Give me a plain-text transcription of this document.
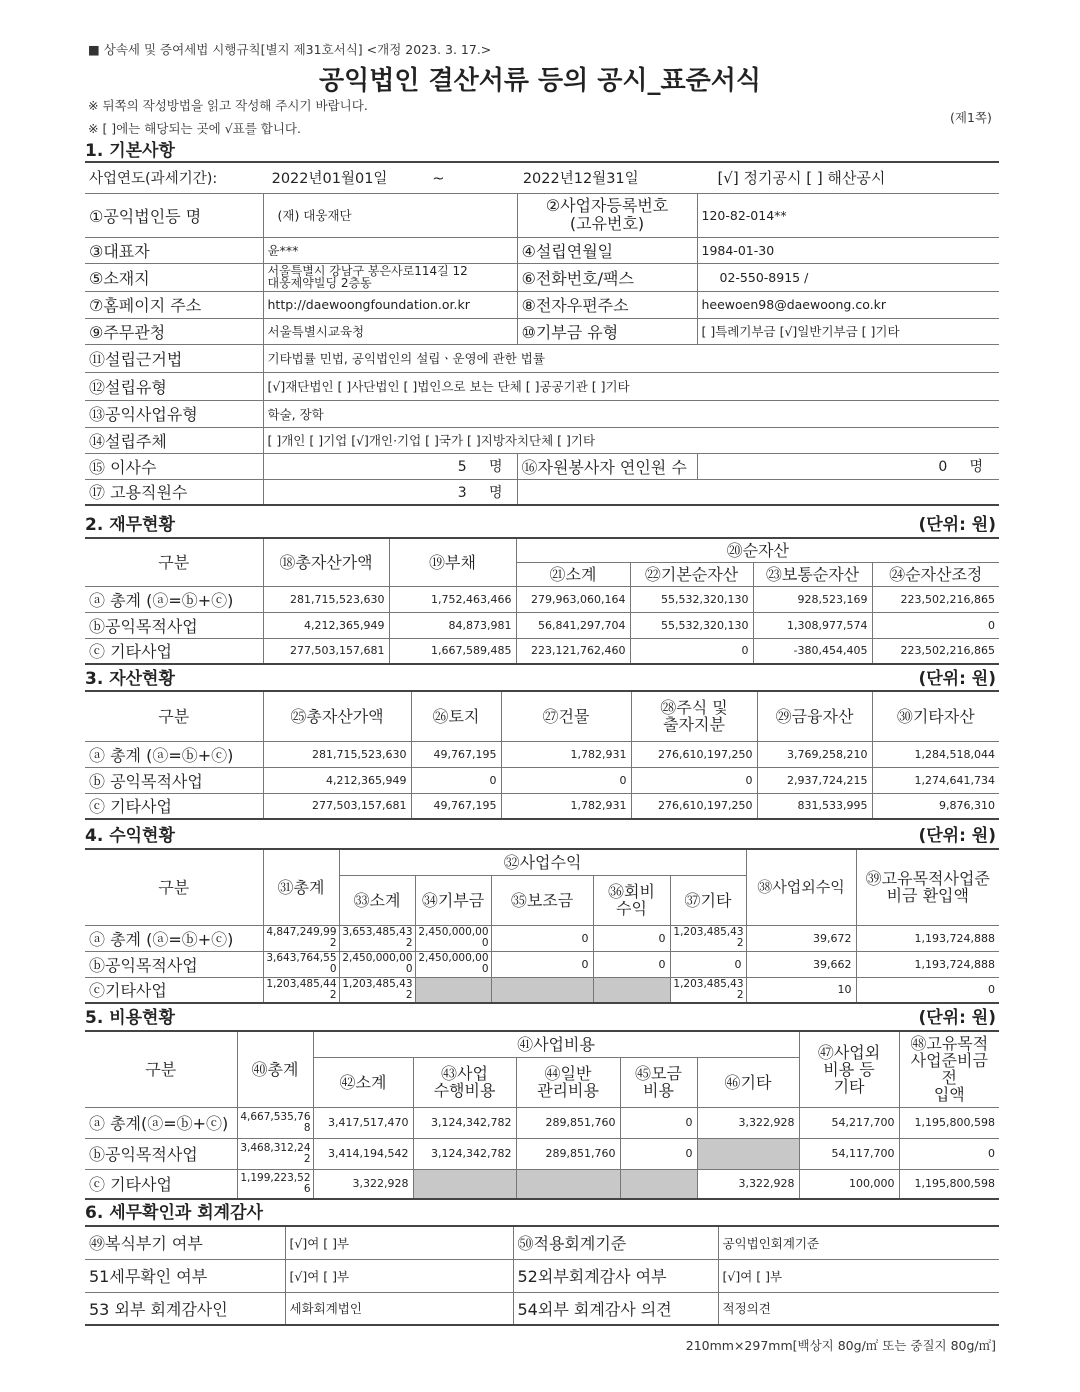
■ 상속세 및 증여세법 시행규칙[별지 제31호서식] <개정 2023. 3. 17.>
공익법인 결산서류 등의 공시_표준서식
※ 뒤쪽의 작성방법을 읽고 작성해 주시기 바랍니다.
※ [ ]에는 해당되는 곳에 √표를 합니다.
(제1쪽)
1. 기본사항
사업연도(과세기간): 2022년01월01일 ~ 2022년12월31일 [√] 정기공시 [ ] 해산공시			
①공익법인등 명	(재) 대웅재단	②사업자등록번호
(고유번호)	120-82-014**
③대표자	윤***	④설립연월일	1984-01-30
⑤소재지	서울특별시 강남구 봉은사로114길 12
대웅제약빌딩 2층동	⑥전화번호/팩스	02-550-8915 /
⑦홈페이지 주소	http://daewoongfoundation.or.kr	⑧전자우편주소	heewoen98@daewoong.co.kr
⑨주무관청	서울특별시교육청	⑩기부금 유형	[ ]특례기부금 [√]일반기부금 [ ]기타
⑪설립근거법	기타법률 민법, 공익법인의 설립ㆍ운영에 관한 법률		
⑫설립유형	[√]재단법인 [ ]사단법인 [ ]법인으로 보는 단체 [ ]공공기관 [ ]기타		
⑬공익사업유형	학술, 장학		
⑭설립주체	[ ]개인 [ ]기업 [√]개인·기업 [ ]국가 [ ]지방자치단체 [ ]기타		
⑮ 이사수	5 명	⑯자원봉사자 연인원 수	0 명
⑰ 고용직원수	3 명		
2. 재무현황	(단위: 원)
구분	⑱총자산가액	⑲부채	⑳순자산			
			㉑소계	㉒기본순자산	㉓보통순자산	㉔순자산조정
ⓐ 총계 (ⓐ=ⓑ+ⓒ)	281,715,523,630	1,752,463,466	279,963,060,164	55,532,320,130	928,523,169	223,502,216,865
ⓑ공익목적사업	4,212,365,949	84,873,981	56,841,297,704	55,532,320,130	1,308,977,574	0
ⓒ 기타사업	277,503,157,681	1,667,589,485	223,121,762,460	0	-380,454,405	223,502,216,865
3. 자산현황	(단위: 원)
구분	㉕총자산가액	㉖토지	㉗건물	㉘주식 및
출자지분	㉙금융자산	㉚기타자산
ⓐ 총계 (ⓐ=ⓑ+ⓒ)	281,715,523,630	49,767,195	1,782,931	276,610,197,250	3,769,258,210	1,284,518,044
ⓑ 공익목적사업	4,212,365,949	0	0	0	2,937,724,215	1,274,641,734
ⓒ 기타사업	277,503,157,681	49,767,195	1,782,931	276,610,197,250	831,533,995	9,876,310
4. 수익현황	(단위: 원)
구분	㉛총계	㉜사업수익					㊳사업외수익	㊴고유목적사업준
비금 환입액
		㉝소계	㉞기부금	㉟보조금	㊱회비
수익	㊲기타		
ⓐ 총계 (ⓐ=ⓑ+ⓒ)	4,847,249,992	3,653,485,432	2,450,000,000	0	0	1,203,485,432	39,672	1,193,724,888
ⓑ공익목적사업	3,643,764,550	2,450,000,000	2,450,000,000	0	0	0	39,662	1,193,724,888
ⓒ기타사업	1,203,485,442	1,203,485,432				1,203,485,432	10	0
5. 비용현황	(단위: 원)
구분	㊵총계	㊶사업비용					㊼사업외
비용 등
기타	㊽고유목적
사업준비금전
입액
		㊷소계	㊸사업
수행비용	㊹일반
관리비용	㊺모금
비용	㊻기타		
ⓐ 총계(ⓐ=ⓑ+ⓒ)	4,667,535,768	3,417,517,470	3,124,342,782	289,851,760	0	3,322,928	54,217,700	1,195,800,598
ⓑ공익목적사업	3,468,312,242	3,414,194,542	3,124,342,782	289,851,760	0		54,117,700	0
ⓒ 기타사업	1,199,223,526	3,322,928				3,322,928	100,000	1,195,800,598
6. 세무확인과 회계감사
㊾복식부기 여부	[√]여 [ ]부	㊿적용회계기준	공익법인회계기준
51세무확인 여부	[√]여 [ ]부	52외부회계감사 여부	[√]여 [ ]부
53 외부 회계감사인	세화회계법인	54외부 회계감사 의견	적정의견
210mm×297mm[백상지 80g/㎡ 또는 중질지 80g/㎡]
